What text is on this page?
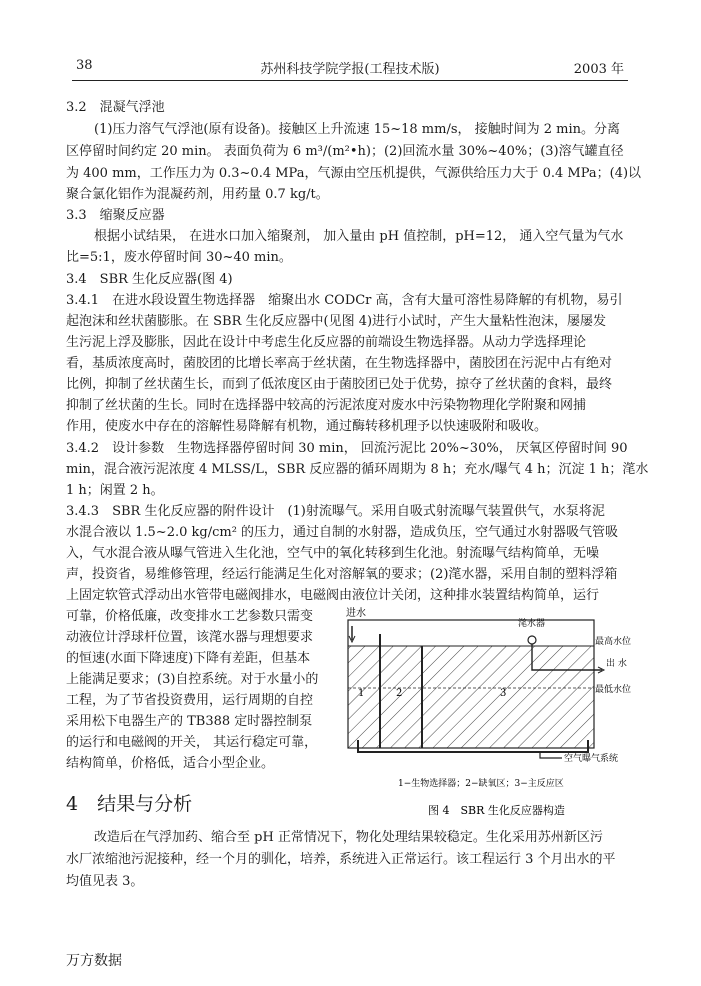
38	苏州科技学院学报(工程技术版)	2003 年
3.2　混凝气浮池
(1)压力溶气气浮池(原有设备)。接触区上升流速 15~18 mm/s， 接触时间为 2 min。分离
区停留时间约定 20 min。 表面负荷为 6 m³/(m²•h)；(2)回流水量 30%~40%；(3)溶气罐直径
为 400 mm，工作压力为 0.3~0.4 MPa，气源由空压机提供，气源供给压力大于 0.4 MPa；(4)以
聚合氯化铝作为混凝药剂，用药量 0.7 kg/t。
3.3　缩聚反应器
根据小试结果， 在进水口加入缩聚剂， 加入量由 pH 值控制，pH=12， 通入空气量为气水
比=5:1，废水停留时间 30~40 min。
3.4　SBR 生化反应器(图 4)
3.4.1　在进水段设置生物选择器　缩聚出水 CODCr 高，含有大量可溶性易降解的有机物，易引
起泡沫和丝状菌膨胀。在 SBR 生化反应器中(见图 4)进行小试时，产生大量粘性泡沫，屡屡发
生污泥上浮及膨胀，因此在设计中考虑生化反应器的前端设生物选择器。从动力学选择理论
看，基质浓度高时，菌胶团的比增长率高于丝状菌，在生物选择器中，菌胶团在污泥中占有绝对
比例，抑制了丝状菌生长，而到了低浓度区由于菌胶团已处于优势，掠夺了丝状菌的食料，最终
抑制了丝状菌的生长。同时在选择器中较高的污泥浓度对废水中污染物物理化学附聚和网捕
作用，使废水中存在的溶解性易降解有机物，通过酶转移机理予以快速吸附和吸收。
3.4.2　设计参数　生物选择器停留时间 30 min， 回流污泥比 20%~30%， 厌氧区停留时间 90
min，混合液污泥浓度 4 MLSS/L，SBR 反应器的循环周期为 8 h；充水/曝气 4 h；沉淀 1 h；滗水
1 h；闲置 2 h。
3.4.3　SBR 生化反应器的附件设计　(1)射流曝气。采用自吸式射流曝气装置供气，水泵将泥
水混合液以 1.5~2.0 kg/cm² 的压力，通过自制的水射器，造成负压，空气通过水射器吸气管吸
入，气水混合液从曝气管进入生化池，空气中的氧化转移到生化池。射流曝气结构简单，无噪
声，投资省，易维修管理，经运行能满足生化对溶解氧的要求；(2)滗水器，采用自制的塑料浮箱
上固定软管式浮动出水管带电磁阀排水，电磁阀由液位计关闭，这种排水装置结构简单，运行
可靠，价格低廉，改变排水工艺参数只需变
动液位计浮球杆位置，该滗水器与理想要求
的恒速(水面下降速度)下降有差距，但基本
上能满足要求；(3)自控系统。对于水量小的
工程，为了节省投资费用，运行周期的自控
采用松下电器生产的 TB388 定时器控制泵
的运行和电磁阀的开关， 其运行稳定可靠，
结构简单，价格低，适合小型企业。
4　结果与分析
改造后在气浮加药、缩合至 pH 正常情况下，物化处理结果较稳定。生化采用苏州新区污
水厂浓缩池污泥接种，经一个月的驯化，培养，系统进入正常运行。该工程运行 3 个月出水的平
均值见表 3。
进水
滗水器
出 水
最高水位
最低水位
1	2	3
空气曝气系统
1−生物选择器；2−缺氧区；3−主反应区
图 4　SBR 生化反应器构造
万方数据
